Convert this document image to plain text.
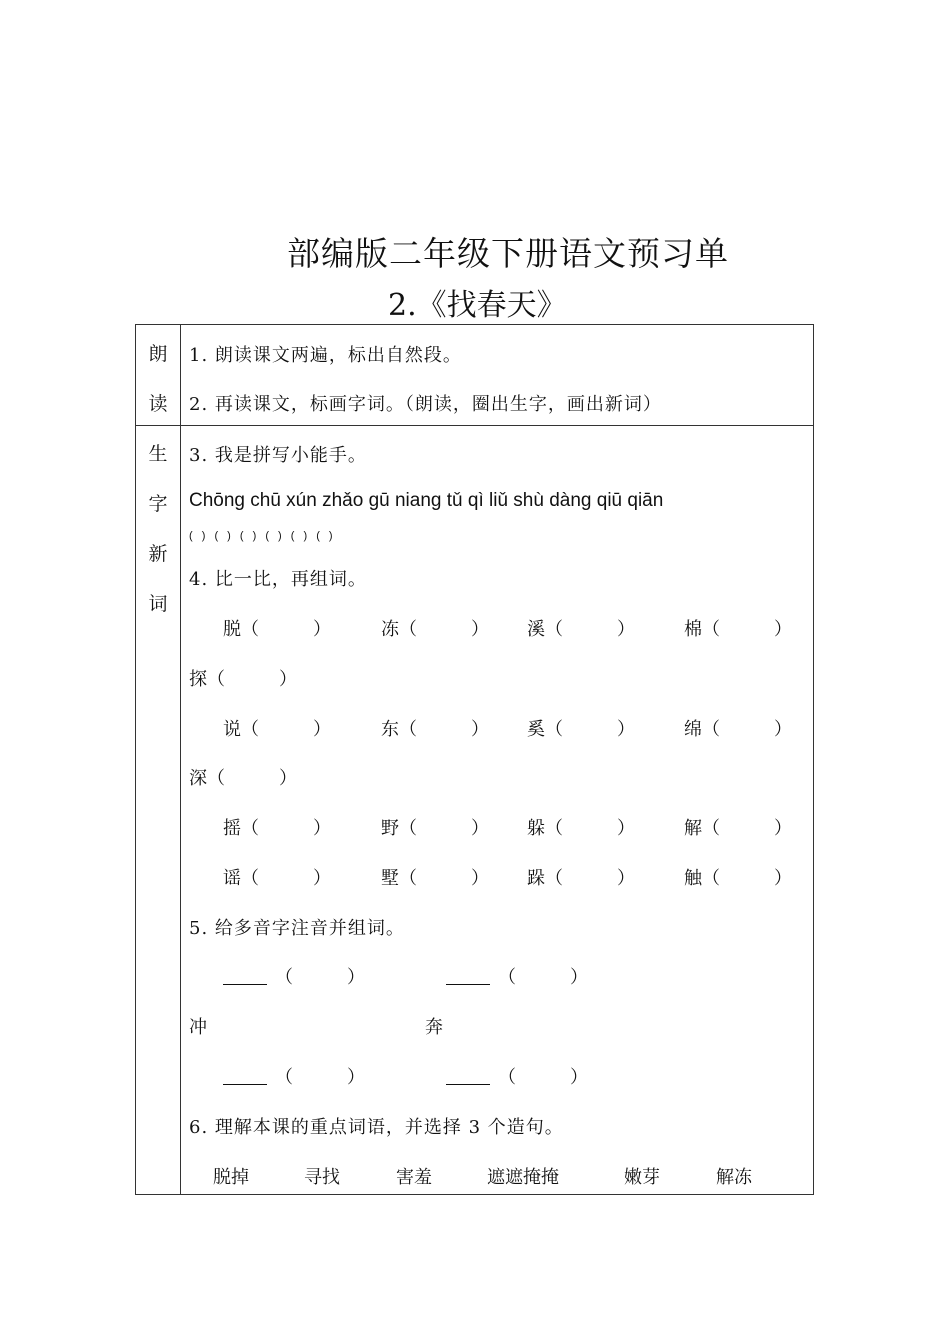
部编版二年级下册语文预习单
2.《找春天》
朗
读
生
字
新
词
1. 朗读课文两遍，标出自然段。
2. 再读课文，标画字词。（朗读，圈出生字，画出新词）
3. 我是拼写小能手。
Chōng chū xún zhǎo gū niang tǔ qì liǔ shù dàng qiū qiān
( ) ( ) ( ) ( ) ( ) ( )
4. 比一比，再组词。
脱（　　　）	冻（　　　） 溪（　　　）	棉（　　　）
探（　　　）
说（　　　）	东（　　　） 奚（　　　）	绵（　　　）
深（　　　）
摇（　　　）	野（　　　） 躲（　　　）	解（　　　）
谣（　　　）	墅（　　　） 跺（　　　）	触（　　　）
5. 给多音字注音并组词。
（　　　）	（　　　）
冲	奔
（　　　）	（　　　）
6. 理解本课的重点词语，并选择 3 个造句。
脱掉	寻找	害羞	遮遮掩掩	嫩芽	解冻
